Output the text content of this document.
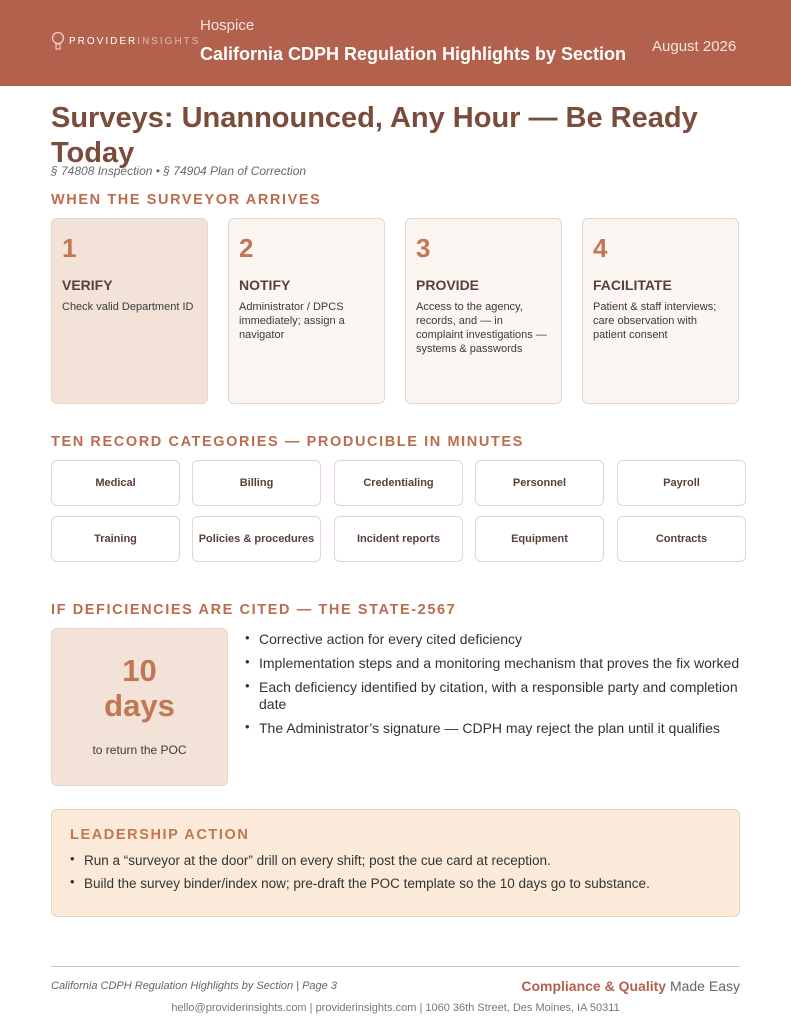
PROVIDERINSIGHTS
Hospice
California CDPH Regulation Highlights by Section August 2026
Surveys: Unannounced, Any Hour — Be Ready Today
§ 74808 Inspection • § 74904 Plan of Correction
WHEN THE SURVEYOR ARRIVES
1
VERIFY
Check valid Department ID
2
NOTIFY
Administrator / DPCS immediately; assign a navigator
3
PROVIDE
Access to the agency, records, and — in complaint investigations — systems & passwords
4
FACILITATE
Patient & staff interviews; care observation with patient consent
TEN RECORD CATEGORIES — PRODUCIBLE IN MINUTES
Medical	Billing	Credentialing	Personnel	Payroll
Training	Policies & procedures	Incident reports	Equipment	Contracts
IF DEFICIENCIES ARE CITED — THE STATE-2567
10
days
to return the POC
• Corrective action for every cited deficiency
• Implementation steps and a monitoring mechanism that proves the fix worked
• Each deficiency identified by citation, with a responsible party and completion date
• The Administrator’s signature — CDPH may reject the plan until it qualifies
LEADERSHIP ACTION
• Run a “surveyor at the door” drill on every shift; post the cue card at reception.
• Build the survey binder/index now; pre-draft the POC template so the 10 days go to substance.
California CDPH Regulation Highlights by Section | Page 3	Compliance & Quality Made Easy
hello@providerinsights.com | providerinsights.com | 1060 36th Street, Des Moines, IA 50311
